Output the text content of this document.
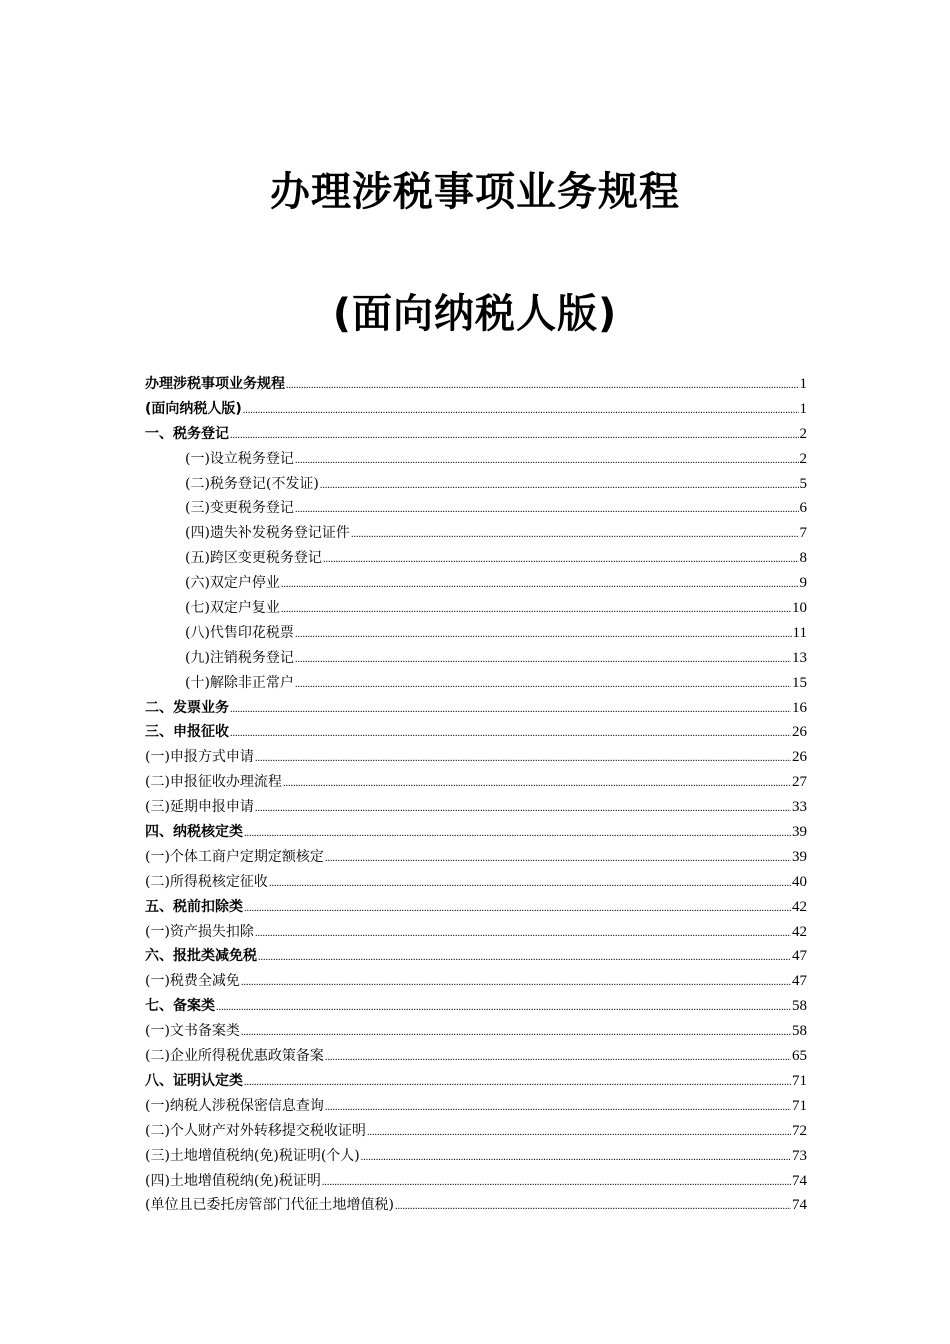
办理涉税事项业务规程
(面向纳税人版)
办理涉税事项业务规程 .....	1
(面向纳税人版) .....	1
一、税务登记 .....	2
(一)设立税务登记 .....	2
(二)税务登记(不发证) .....	5
(三)变更税务登记 .....	6
(四)遗失补发税务登记证件 .....	7
(五)跨区变更税务登记 .....	8
(六)双定户停业 .....	9
(七)双定户复业 .....	10
(八)代售印花税票 .....	11
(九)注销税务登记 .....	13
(十)解除非正常户 .....	15
二、发票业务 .....	16
三、申报征收 .....	26
(一)申报方式申请 .....	26
(二)申报征收办理流程 .....	27
(三)延期申报申请 .....	33
四、纳税核定类 .....	39
(一)个体工商户定期定额核定 .....	39
(二)所得税核定征收 .....	40
五、税前扣除类 .....	42
(一)资产损失扣除 .....	42
六、报批类减免税 .....	47
(一)税费全减免 .....	47
七、备案类 .....	58
(一)文书备案类 .....	58
(二)企业所得税优惠政策备案 .....	65
八、证明认定类 .....	71
(一)纳税人涉税保密信息查询 .....	71
(二)个人财产对外转移提交税收证明 .....	72
(三)土地增值税纳(免)税证明(个人) .....	73
(四)土地增值税纳(免)税证明 .....	74
(单位且已委托房管部门代征土地增值税) .....	74
